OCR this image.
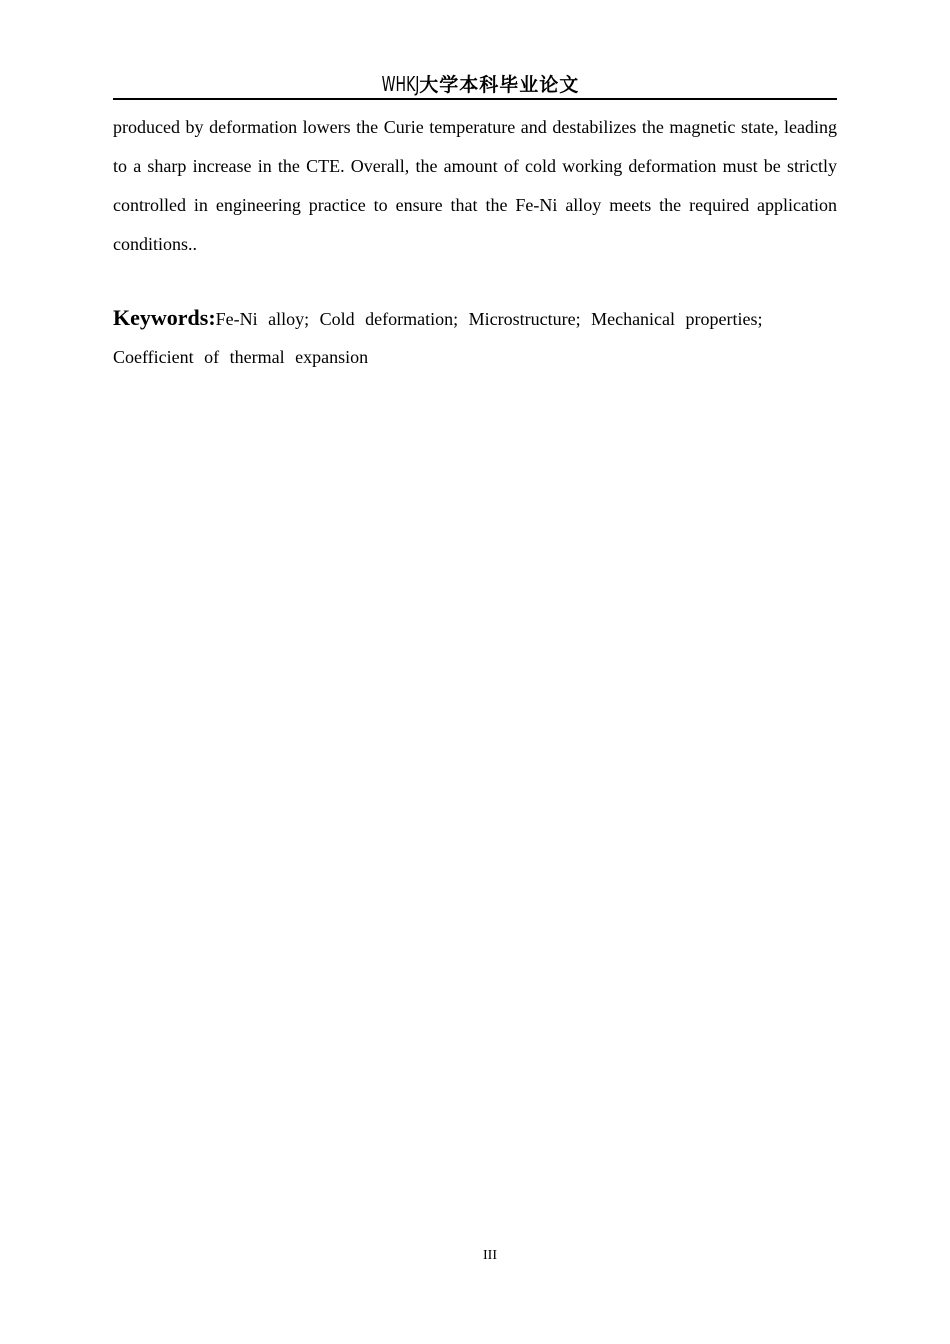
WHKJ大学本科毕业论文

produced by deformation lowers the Curie temperature and destabilizes the magnetic state, leading to a sharp increase in the CTE. Overall, the amount of cold working deformation must be strictly controlled in engineering practice to ensure that the Fe-Ni alloy meets the required application conditions..

Keywords:Fe-Ni alloy; Cold deformation; Microstructure; Mechanical properties; Coefficient of thermal expansion

III
